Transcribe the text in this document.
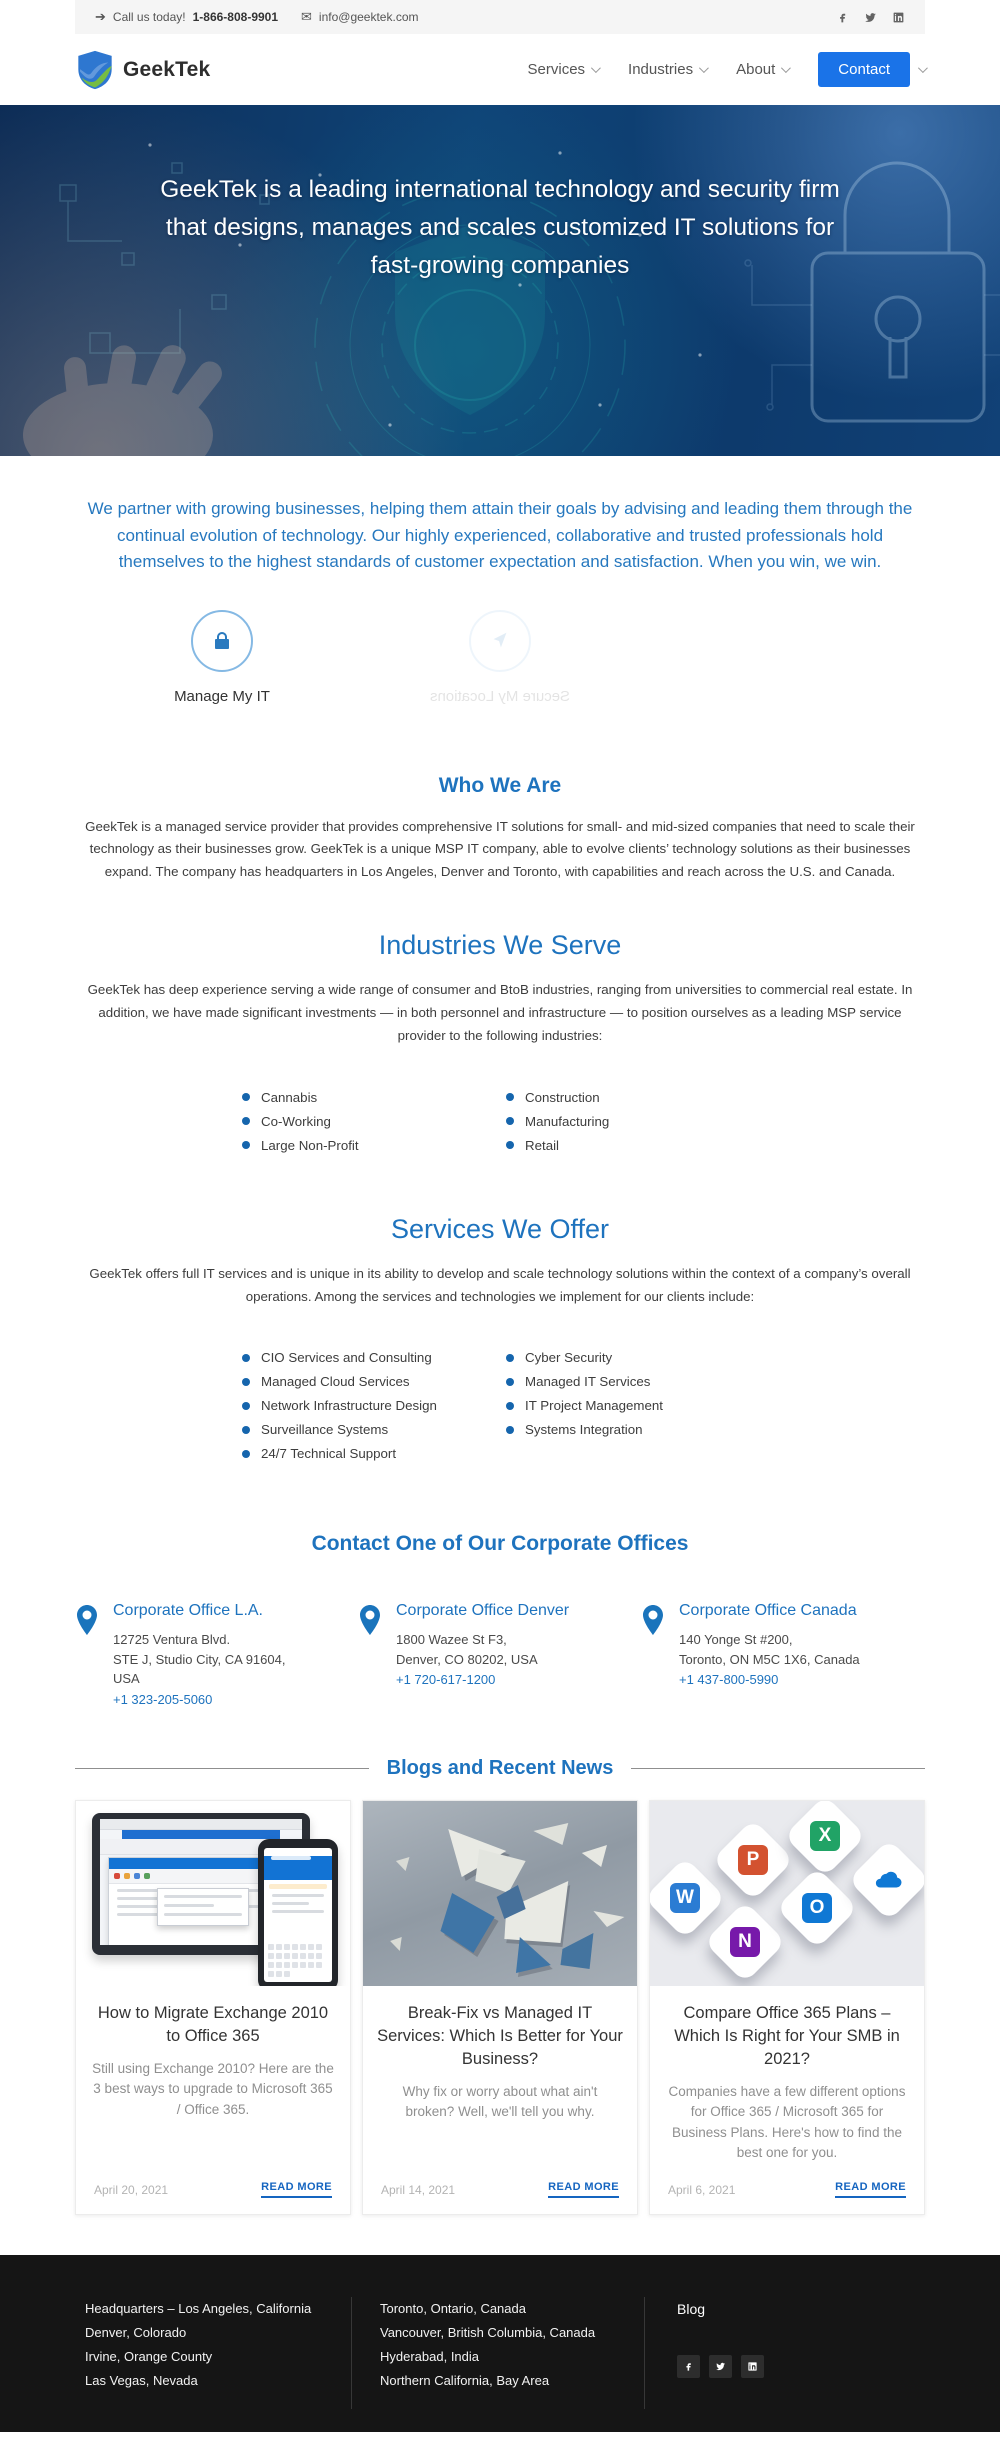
➔ Call us today! 1-866-808-9901 ✉ info@geektek.com
GeekTek	Services	Industries	About	Contact
GeekTek is a leading international technology and security firm
that designs, manages and scales customized IT solutions for
fast-growing companies

We partner with growing businesses, helping them attain their goals by advising and leading them through the continual evolution of technology. Our highly experienced, collaborative and trusted professionals hold themselves to the highest standards of customer expectation and satisfaction. When you win, we win.

Manage My IT	Secure My Locations
Who We Are

GeekTek is a managed service provider that provides comprehensive IT solutions for small- and mid-sized companies that need to scale their technology as their businesses grow. GeekTek is a unique MSP IT company, able to evolve clients’ technology solutions as their businesses expand. The company has headquarters in Los Angeles, Denver and Toronto, with capabilities and reach across the U.S. and Canada.

Industries We Serve

GeekTek has deep experience serving a wide range of consumer and BtoB industries, ranging from universities to commercial real estate. In addition, we have made significant investments — in both personnel and infrastructure — to position ourselves as a leading MSP service provider to the following industries:

Cannabis
Co-Working
Large Non-Profit
Construction
Manufacturing
Retail
Services We Offer

GeekTek offers full IT services and is unique in its ability to develop and scale technology solutions within the context of a company’s overall operations. Among the services and technologies we implement for our clients include:

CIO Services and Consulting
Managed Cloud Services
Network Infrastructure Design
Surveillance Systems
24/7 Technical Support
Cyber Security
Managed IT Services
IT Project Management
Systems Integration
Contact One of Our Corporate Offices
Corporate Office L.A.
12725 Ventura Blvd.
STE J, Studio City, CA 91604,
USA
+1 323-205-5060
Corporate Office Denver
1800 Wazee St F3,
Denver, CO 80202, USA
+1 720-617-1200
Corporate Office Canada
140 Yonge St #200,
Toronto, ON M5C 1X6, Canada
+1 437-800-5990
Blogs and Recent News
How to Migrate Exchange 2010 to Office 365
Still using Exchange 2010? Here are the 3 best ways to upgrade to Microsoft 365 / Office 365.
April 20, 2021	READ MORE
Break-Fix vs Managed IT Services: Which Is Better for Your Business?
Why fix or worry about what ain't broken? Well, we'll tell you why.
April 14, 2021	READ MORE
W
P
X
N
O
Compare Office 365 Plans – Which Is Right for Your SMB in 2021?
Companies have a few different options for Office 365 / Microsoft 365 for Business Plans. Here's how to find the best one for you.
April 6, 2021	READ MORE
Headquarters – Los Angeles, California
Denver, Colorado
Irvine, Orange County
Las Vegas, Nevada
Toronto, Ontario, Canada
Vancouver, British Columbia, Canada
Hyderabad, India
Northern California, Bay Area
Blog
